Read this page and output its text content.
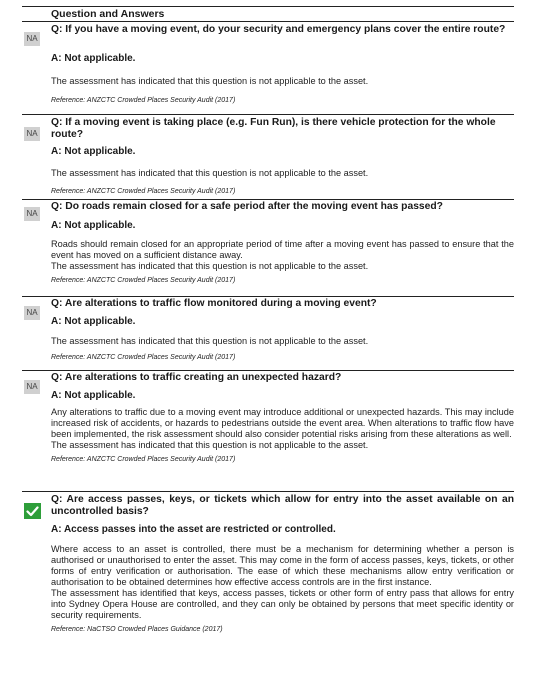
Question and Answers
NA
Q: If you have a moving event, do your security and emergency plans cover the entire route?
A: Not applicable.
The assessment has indicated that this question is not applicable to the asset.
Reference: ANZCTC Crowded Places Security Audit (2017)
NA
Q: If a moving event is taking place (e.g. Fun Run), is there vehicle protection for the whole route?
A: Not applicable.
The assessment has indicated that this question is not applicable to the asset.
Reference: ANZCTC Crowded Places Security Audit (2017)
NA
Q: Do roads remain closed for a safe period after the moving event has passed?
A: Not applicable.
Roads should remain closed for an appropriate period of time after a moving event has passed to ensure that the event has moved on a sufficient distance away.
The assessment has indicated that this question is not applicable to the asset.
Reference: ANZCTC Crowded Places Security Audit (2017)
NA
Q: Are alterations to traffic flow monitored during a moving event?
A: Not applicable.
The assessment has indicated that this question is not applicable to the asset.
Reference: ANZCTC Crowded Places Security Audit (2017)
NA
Q: Are alterations to traffic creating an unexpected hazard?
A: Not applicable.
Any alterations to traffic due to a moving event may introduce additional or unexpected hazards. This may include increased risk of accidents, or hazards to pedestrians outside the event area. When alterations to traffic flow have been implemented, the risk assessment should also consider potential risks arising from these alterations as well.
The assessment has indicated that this question is not applicable to the asset.
Reference: ANZCTC Crowded Places Security Audit (2017)
Q: Are access passes, keys, or tickets which allow for entry into the asset available on an uncontrolled basis?
A: Access passes into the asset are restricted or controlled.
Where access to an asset is controlled, there must be a mechanism for determining whether a person is authorised or unauthorised to enter the asset. This may come in the form of access passes, keys, tickets, or other forms of entry verification or authorisation. The ease of which these mechanisms allow entry verification or authorisation to be obtained determines how effective access controls are in the first instance.
The assessment has identified that keys, access passes, tickets or other form of entry pass that allows for entry into Sydney Opera House are controlled, and they can only be obtained by persons that meet specific identity or security requirements.
Reference: NaCTSO Crowded Places Guidance (2017)
